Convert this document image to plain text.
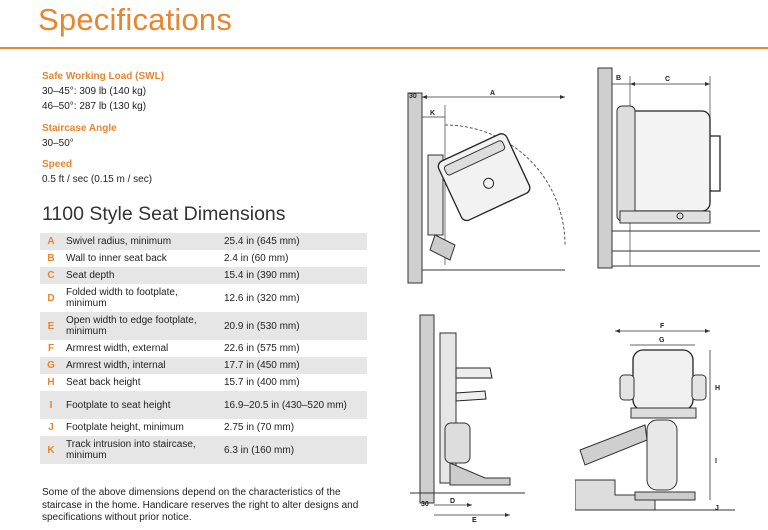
Specifications
Safe Working Load (SWL)
30–45°: 309 lb (140 kg)
46–50°: 287 lb (130 kg)
Staircase Angle
30–50°
Speed
0.5 ft / sec (0.15 m / sec)
1100 Style Seat Dimensions
A	Swivel radius, minimum	25.4 in (645 mm)
B	Wall to inner seat back	2.4 in (60 mm)
C	Seat depth	15.4 in (390 mm)
D	Folded width to footplate, minimum	12.6 in (320 mm)
E	Open width to edge footplate, minimum	20.9 in (530 mm)
F	Armrest width, external	22.6 in (575 mm)
G	Armrest width, internal	17.7 in (450 mm)
H	Seat back height	15.7 in (400 mm)
I	Footplate to seat height	16.9–20.5 in (430–520 mm)
J	Footplate height, minimum	2.75 in (70 mm)
K	Track intrusion into staircase, minimum	6.3 in (160 mm)
Some of the above dimensions depend on the characteristics of the staircase in the home. Handicare reserves the right to alter designs and specifications without prior notice.
30	A
K
B	C
30	D
E
F
G
H
I
J
